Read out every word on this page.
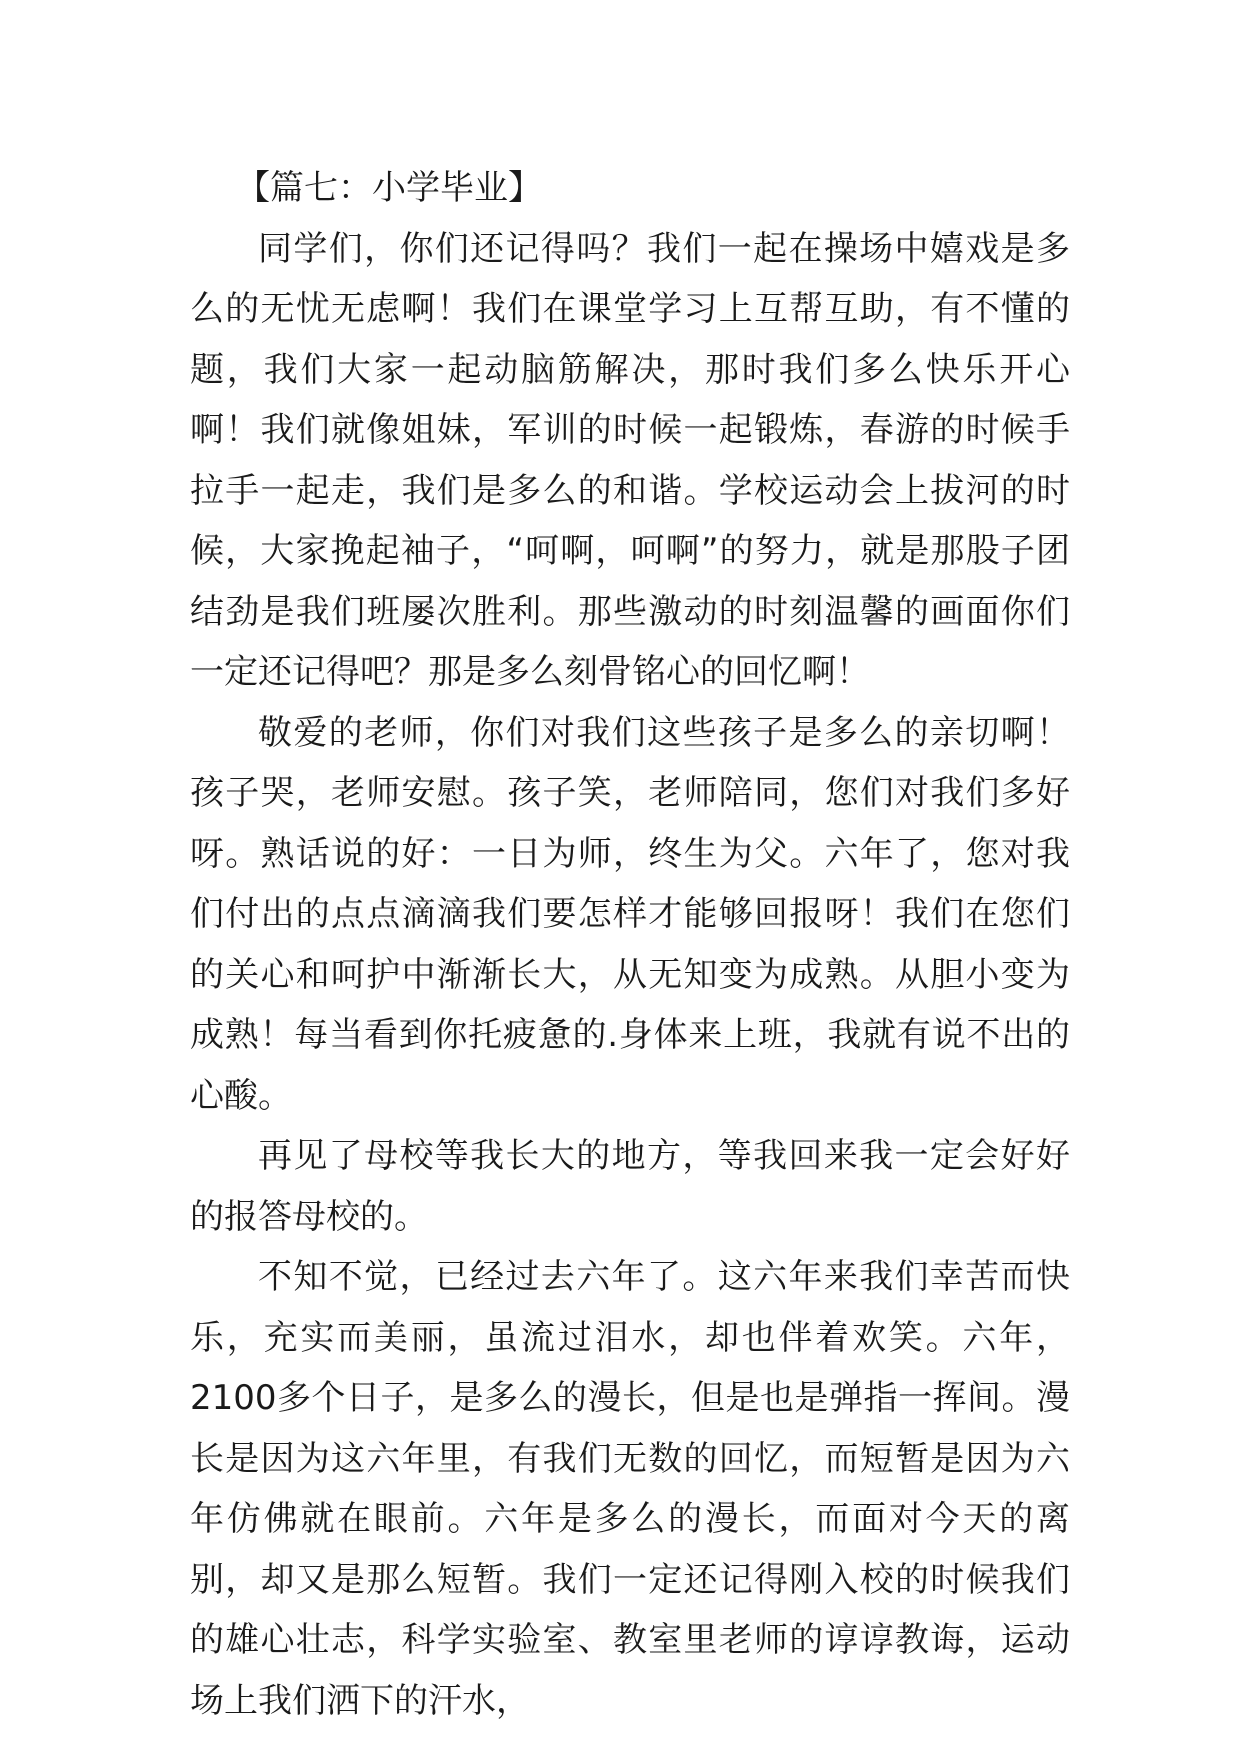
【篇七：小学毕业】

同学们，你们还记得吗？我们一起在操场中嬉戏是多么的无忧无虑啊！我们在课堂学习上互帮互助，有不懂的题，我们大家一起动脑筋解决，那时我们多么快乐开心啊！我们就像姐妹，军训的时候一起锻炼，春游的时候手拉手一起走，我们是多么的和谐。学校运动会上拔河的时候，大家挽起袖子，“呵啊，呵啊”的努力，就是那股子团结劲是我们班屡次胜利。那些激动的时刻温馨的画面你们一定还记得吧？那是多么刻骨铭心的回忆啊！

敬爱的老师，你们对我们这些孩子是多么的亲切啊！孩子哭，老师安慰。孩子笑，老师陪同，您们对我们多好呀。熟话说的好：一日为师，终生为父。六年了，您对我们付出的点点滴滴我们要怎样才能够回报呀！我们在您们的关心和呵护中渐渐长大，从无知变为成熟。从胆小变为成熟！每当看到你托疲惫的.身体来上班，我就有说不出的心酸。

再见了母校等我长大的地方，等我回来我一定会好好的报答母校的。

不知不觉，已经过去六年了。这六年来我们幸苦而快乐，充实而美丽，虽流过泪水，却也伴着欢笑。六年，2100多个日子，是多么的漫长，但是也是弹指一挥间。漫长是因为这六年里，有我们无数的回忆，而短暂是因为六年仿佛就在眼前。六年是多么的漫长，而面对今天的离别，却又是那么短暂。我们一定还记得刚入校的时候我们的雄心壮志，科学实验室、教室里老师的谆谆教诲，运动场上我们洒下的汗水，
